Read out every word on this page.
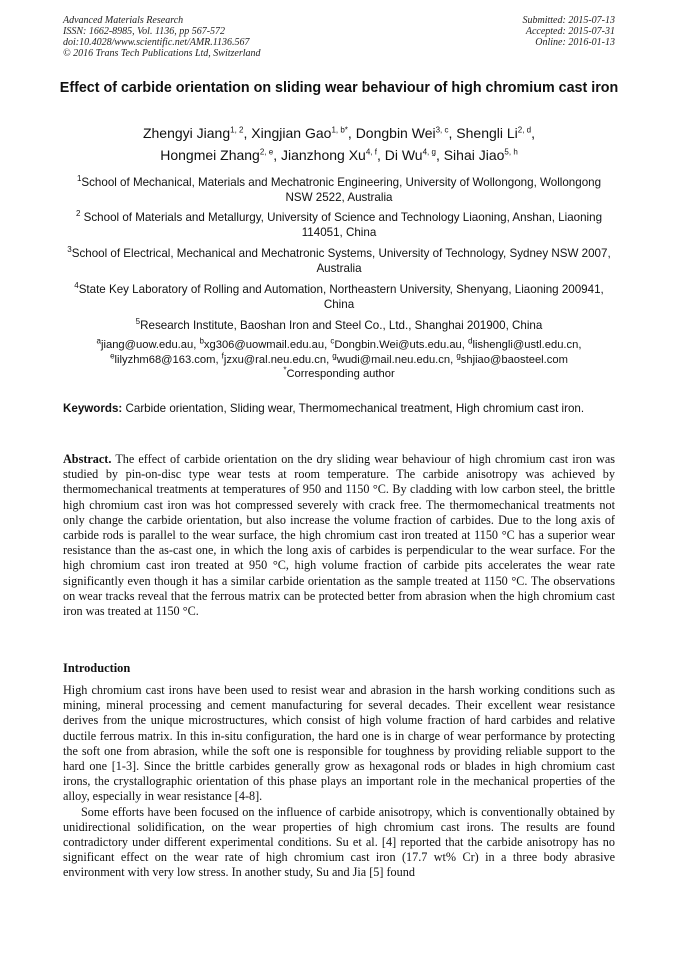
Advanced Materials Research
ISSN: 1662-8985, Vol. 1136, pp 567-572
doi:10.4028/www.scientific.net/AMR.1136.567
© 2016 Trans Tech Publications Ltd, Switzerland
Submitted: 2015-07-13
Accepted: 2015-07-31
Online: 2016-01-13
Effect of carbide orientation on sliding wear behaviour of high chromium cast iron
Zhengyi Jiang$^{1, 2}$, Xingjian Gao$^{1, b*}$, Dongbin Wei$^{3, c}$, Shengli Li$^{2, d}$,
Hongmei Zhang$^{2, e}$, Jianzhong Xu$^{4, f}$, Di Wu$^{4, g}$, Sihai Jiao$^{5, h}$
$^1$School of Mechanical, Materials and Mechatronic Engineering, University of Wollongong, Wollongong NSW 2522, Australia
$^2$ School of Materials and Metallurgy, University of Science and Technology Liaoning, Anshan, Liaoning 114051, China
$^3$School of Electrical, Mechanical and Mechatronic Systems, University of Technology, Sydney NSW 2007, Australia
$^4$State Key Laboratory of Rolling and Automation, Northeastern University, Shenyang, Liaoning 200941, China
$^5$Research Institute, Baoshan Iron and Steel Co., Ltd., Shanghai 201900, China
$^a$jiang@uow.edu.au, $^b$xg306@uowmail.edu.au, $^c$Dongbin.Wei@uts.edu.au, $^d$lishengli@ustl.edu.cn,
$^e$lilyzhm68@163.com, $^f$jzxu@ral.neu.edu.cn, $^g$wudi@mail.neu.edu.cn, $^g$shjiao@baosteel.com
*Corresponding author
Keywords: Carbide orientation, Sliding wear, Thermomechanical treatment, High chromium cast iron.
Abstract. The effect of carbide orientation on the dry sliding wear behaviour of high chromium cast iron was studied by pin-on-disc type wear tests at room temperature. The carbide anisotropy was achieved by thermomechanical treatments at temperatures of 950 and 1150 °C. By cladding with low carbon steel, the brittle high chromium cast iron was hot compressed severely with crack free. The thermomechanical treatments not only change the carbide orientation, but also increase the volume fraction of carbides. Due to the long axis of carbide rods is parallel to the wear surface, the high chromium cast iron treated at 1150 °C has a superior wear resistance than the as-cast one, in which the long axis of carbides is perpendicular to the wear surface. For the high chromium cast iron treated at 950 °C, high volume fraction of carbide pits accelerates the wear rate significantly even though it has a similar carbide orientation as the sample treated at 1150 °C. The observations on wear tracks reveal that the ferrous matrix can be protected better from abrasion when the high chromium cast iron was treated at 1150 °C.
Introduction

High chromium cast irons have been used to resist wear and abrasion in the harsh working conditions such as mining, mineral processing and cement manufacturing for several decades. Their excellent wear resistance derives from the unique microstructures, which consist of high volume fraction of hard carbides and relative ductile ferrous matrix. In this in-situ configuration, the hard one is in charge of wear performance by protecting the soft one from abrasion, while the soft one is responsible for toughness by providing reliable support to the hard one [1-3]. Since the brittle carbides generally grow as hexagonal rods or blades in high chromium cast irons, the crystallographic orientation of this phase plays an important role in the mechanical properties of the alloy, especially in wear resistance [4-8].

Some efforts have been focused on the influence of carbide anisotropy, which is conventionally obtained by unidirectional solidification, on the wear properties of high chromium cast irons. The results are found contradictory under different experimental conditions. Su et al. [4] reported that the carbide anisotropy has no significant effect on the wear rate of high chromium cast iron (17.7 wt% Cr) in a three body abrasive environment with very low stress. In another study, Su and Jia [5] found
